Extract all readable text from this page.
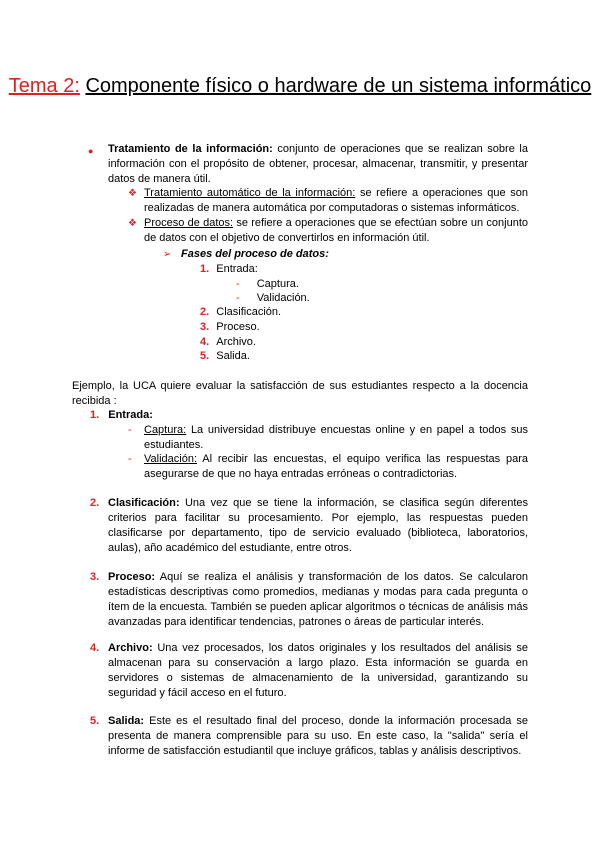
Tema 2: Componente físico o hardware de un sistema informático
● Tratamiento de la información: conjunto de operaciones que se realizan sobre la información con el propósito de obtener, procesar, almacenar, transmitir, y presentar datos de manera útil.
❖ Tratamiento automático de la información: se refiere a operaciones que son realizadas de manera automática por computadoras o sistemas informáticos.
❖ Proceso de datos: se refiere a operaciones que se efectúan sobre un conjunto de datos con el objetivo de convertirlos en información útil.
➢ Fases del proceso de datos:
1. Entrada:
- Captura.
- Validación.
2. Clasificación.
3. Proceso.
4. Archivo.
5. Salida.
Ejemplo, la UCA quiere evaluar la satisfacción de sus estudiantes respecto a la docencia recibida :
1. Entrada:
- Captura: La universidad distribuye encuestas online y en papel a todos sus estudiantes.
- Validación: Al recibir las encuestas, el equipo verifica las respuestas para asegurarse de que no haya entradas erróneas o contradictorias.
2. Clasificación: Una vez que se tiene la información, se clasifica según diferentes criterios para facilitar su procesamiento. Por ejemplo, las respuestas pueden clasificarse por departamento, tipo de servicio evaluado (biblioteca, laboratorios, aulas), año académico del estudiante, entre otros.
3. Proceso: Aquí se realiza el análisis y transformación de los datos. Se calcularon estadísticas descriptivas como promedios, medianas y modas para cada pregunta o ítem de la encuesta. También se pueden aplicar algoritmos o técnicas de análisis más avanzadas para identificar tendencias, patrones o áreas de particular interés.
4. Archivo: Una vez procesados, los datos originales y los resultados del análisis se almacenan para su conservación a largo plazo. Esta información se guarda en servidores o sistemas de almacenamiento de la universidad, garantizando su seguridad y fácil acceso en el futuro.
5. Salida: Este es el resultado final del proceso, donde la información procesada se presenta de manera comprensible para su uso. En este caso, la "salida" sería el informe de satisfacción estudiantil que incluye gráficos, tablas y análisis descriptivos.
